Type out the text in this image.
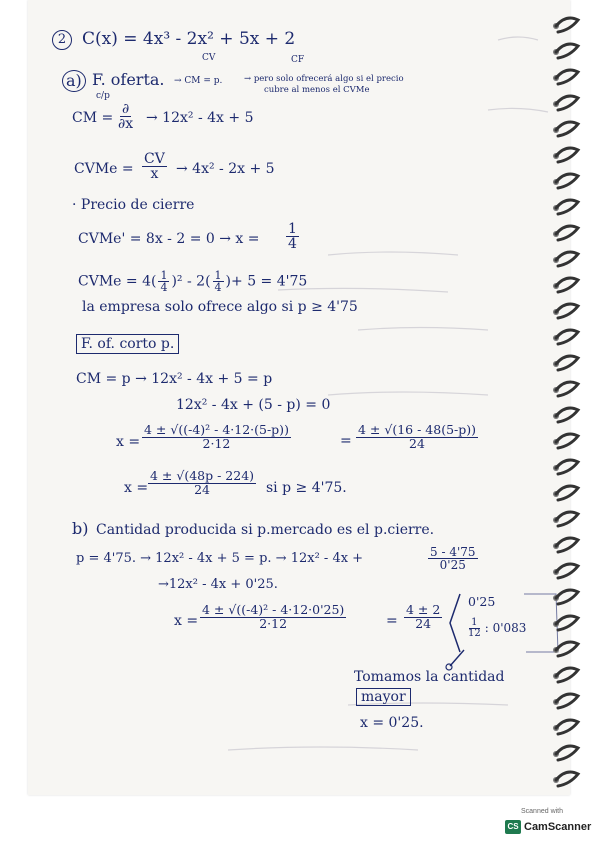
2 C(x) = 4x³ - 2x² + 5x + 2
CV	CF
a) F. oferta.
c/p
→ CM = p.	→ pero solo ofrecerá algo si el precio
cubre al menos el CVMe
CM = $\frac{\partial}{\partial x} \to 12x^2 - 4x + 5$
CVMe = $\frac{CV}{x} \to 4x^2 - 2x + 5$
· Precio de cierre
CVMe' = $8x - 2 = 0 \to x = \frac{1}{4}$
CVMe = $4( \frac{1}{4} )^2 - 2( \frac{1}{4}$ )+ 5 = 4'75
la empresa solo ofrece algo si p ≥ 4'75
F. of. corto p.
CM = p → 12x² - 4x + 5 = p
12x² - 4x + (5 - p) = 0
$x = \frac{\text{4 ± √((-4)² - 4·12·(5-p))}}{2\cdot 12}$	= $\frac{4 \pm √(16 - 48(5-p))}{24}$
$x = \frac{4 \pm √(48p - 224)}{24}$ si p ≥ 4'75.
b) Cantidad producida si p.mercado es el p.cierre.
p = 4'75. → 12x² - 4x + 5 = p. → 12x² - 4x +	$\frac{5 - 4'75}{0'25}$
→12x² - 4x + 0'25.
$x = \frac{\text{4 ± √((-4)² - 4·12·0'25)}}{2\cdot 12}$	= $\frac{4 \pm 2}{24}$
0'25
$\frac{1}{12}$ : 0'083
Tomamos la cantidad
mayor
x = 0'25.
Scanned with
CS CamScanner
